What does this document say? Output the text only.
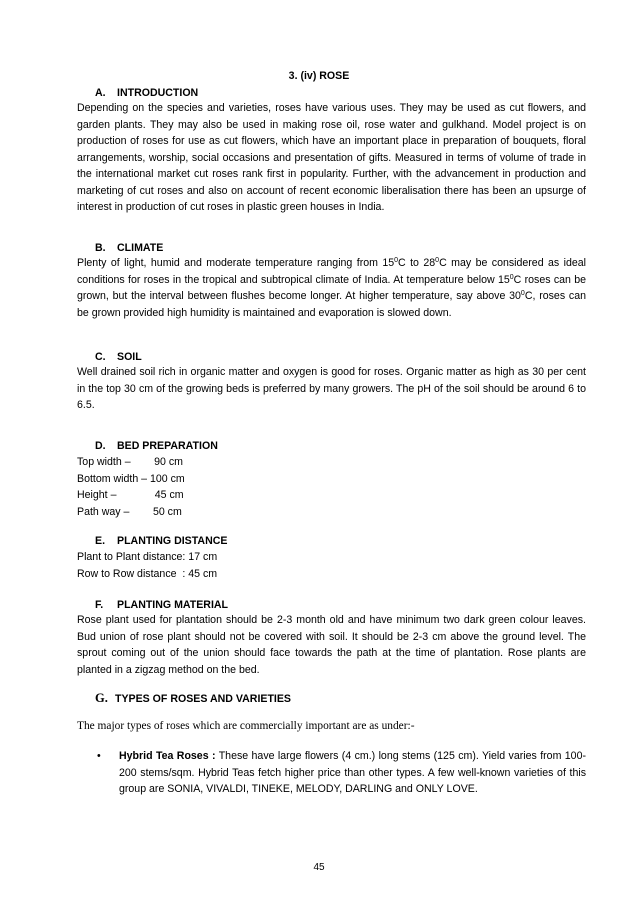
3. (iv) ROSE
A. INTRODUCTION
Depending on the species and varieties, roses have various uses. They may be used as cut flowers, and garden plants. They may also be used in making rose oil, rose water and gulkhand. Model project is on production of roses for use as cut flowers, which have an important place in preparation of bouquets, floral arrangements, worship, social occasions and presentation of gifts. Measured in terms of volume of trade in the international market cut roses rank first in popularity. Further, with the advancement in production and marketing of cut roses and also on account of recent economic liberalisation there has been an upsurge of interest in production of cut roses in plastic green houses in India.
B. CLIMATE
Plenty of light, humid and moderate temperature ranging from $15^0C$ to $28^0C$ may be considered as ideal conditions for roses in the tropical and subtropical climate of India. At temperature below $15^0C$ roses can be grown, but the interval between flushes become longer. At higher temperature, say above $30^0C$, roses can be grown provided high humidity is maintained and evaporation is slowed down.
C. SOIL
Well drained soil rich in organic matter and oxygen is good for roses. Organic matter as high as 30 per cent in the top 30 cm of the growing beds is preferred by many growers. The pH of the soil should be around 6 to 6.5.
D. BED PREPARATION
Top width –        90 cm
Bottom width – 100 cm
Height –             45 cm
Path way –        50 cm
E. PLANTING DISTANCE
Plant to Plant distance: 17 cm
Row to Row distance  : 45 cm
F. PLANTING MATERIAL
Rose plant used for plantation should be 2-3 month old and have minimum two dark green colour leaves. Bud union of rose plant should not be covered with soil. It should be 2-3 cm above the ground level. The sprout coming out of the union should face towards the path at the time of plantation. Rose plants are planted in a zigzag method on the bed.
G. TYPES OF ROSES AND VARIETIES
The major types of roses which are commercially important are as under:-
• Hybrid Tea Roses : These have large flowers (4 cm.) long stems (125 cm). Yield varies from 100-200 stems/sqm. Hybrid Teas fetch higher price than other types. A few well-known varieties of this group are SONIA, VIVALDI, TINEKE, MELODY, DARLING and ONLY LOVE.
45
